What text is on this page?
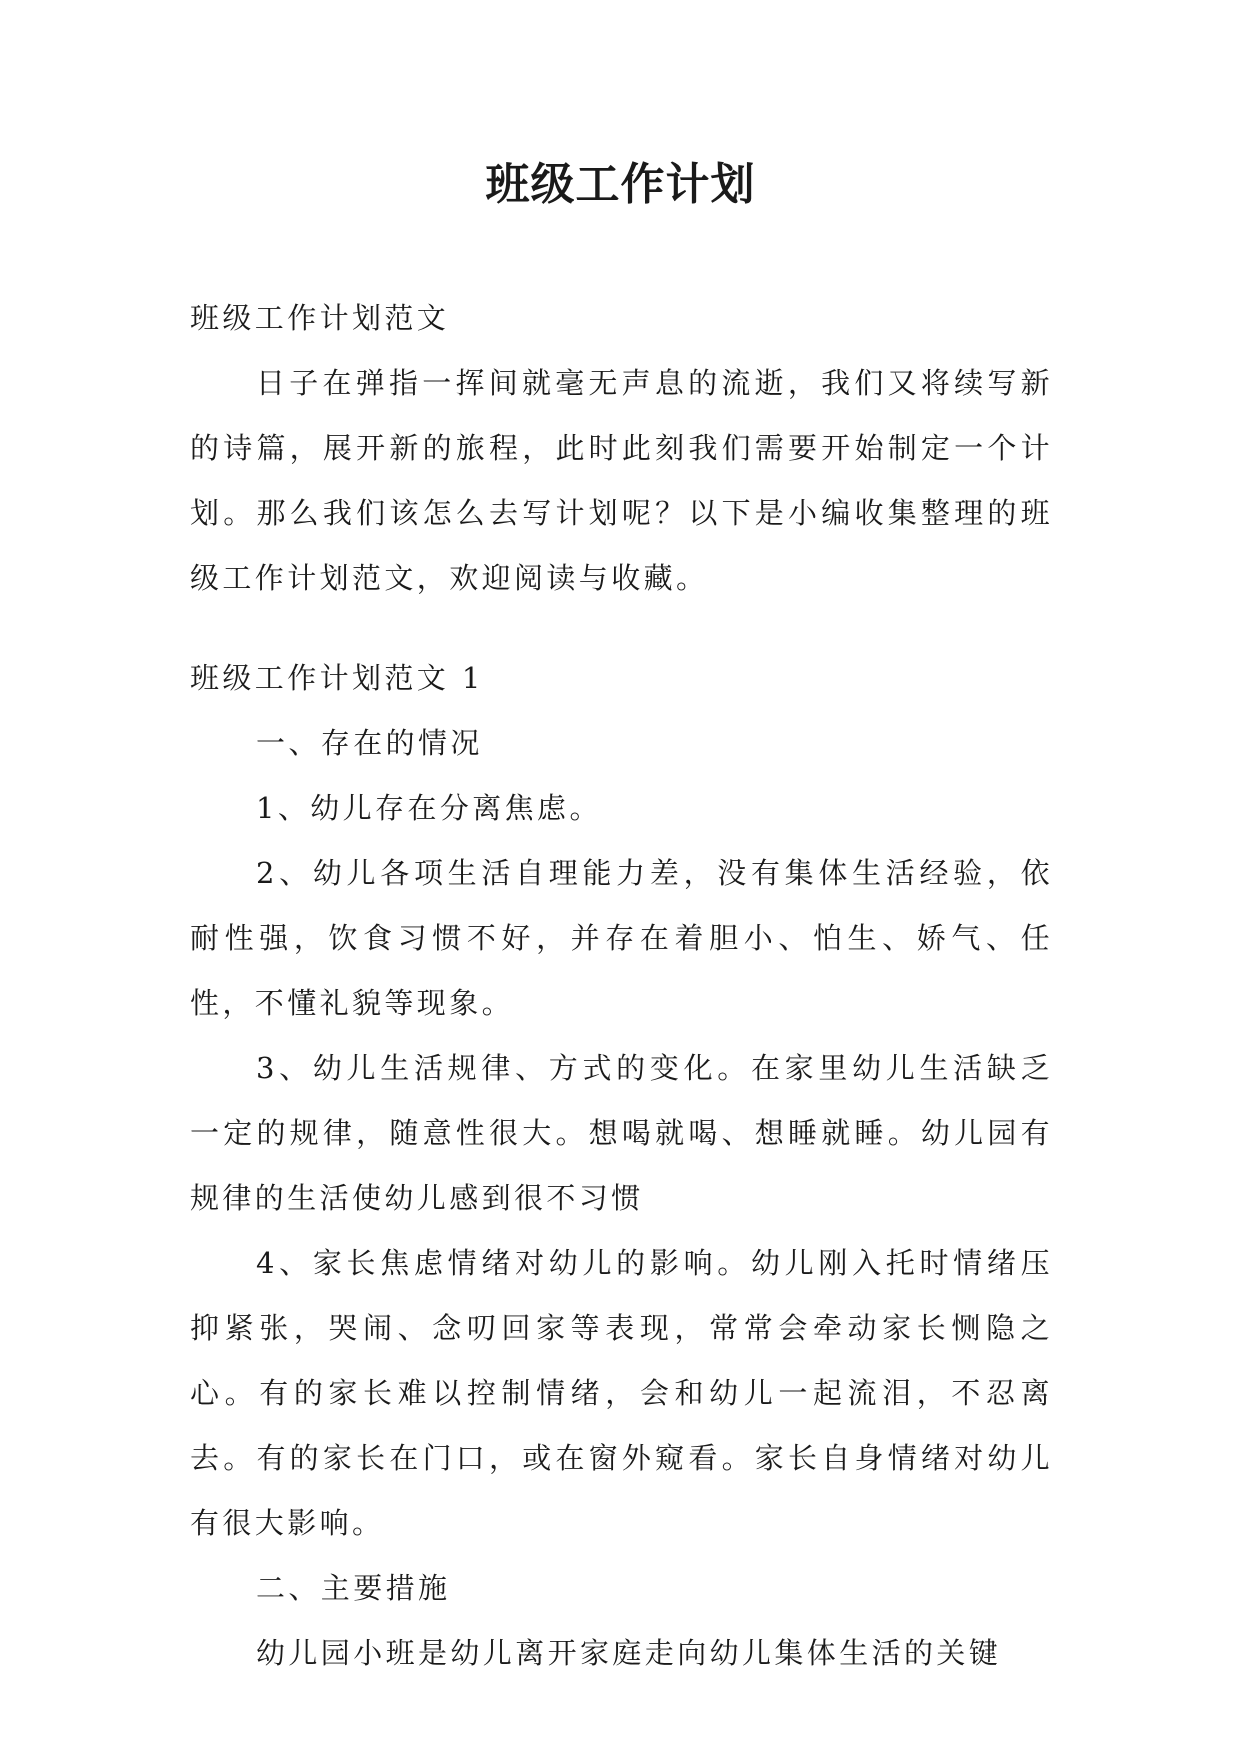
班级工作计划

班级工作计划范文

日子在弹指一挥间就毫无声息的流逝，我们又将续写新的诗篇，展开新的旅程，此时此刻我们需要开始制定一个计划。那么我们该怎么去写计划呢？以下是小编收集整理的班级工作计划范文，欢迎阅读与收藏。

班级工作计划范文 1

一、存在的情况

1、幼儿存在分离焦虑。

2、幼儿各项生活自理能力差，没有集体生活经验，依耐性强，饮食习惯不好，并存在着胆小、怕生、娇气、任性，不懂礼貌等现象。

3、幼儿生活规律、方式的变化。在家里幼儿生活缺乏一定的规律，随意性很大。想喝就喝、想睡就睡。幼儿园有规律的生活使幼儿感到很不习惯

4、家长焦虑情绪对幼儿的影响。幼儿刚入托时情绪压抑紧张，哭闹、念叨回家等表现，常常会牵动家长恻隐之心。有的家长难以控制情绪，会和幼儿一起流泪，不忍离去。有的家长在门口，或在窗外窥看。家长自身情绪对幼儿有很大影响。

二、主要措施

幼儿园小班是幼儿离开家庭走向幼儿集体生活的关键
